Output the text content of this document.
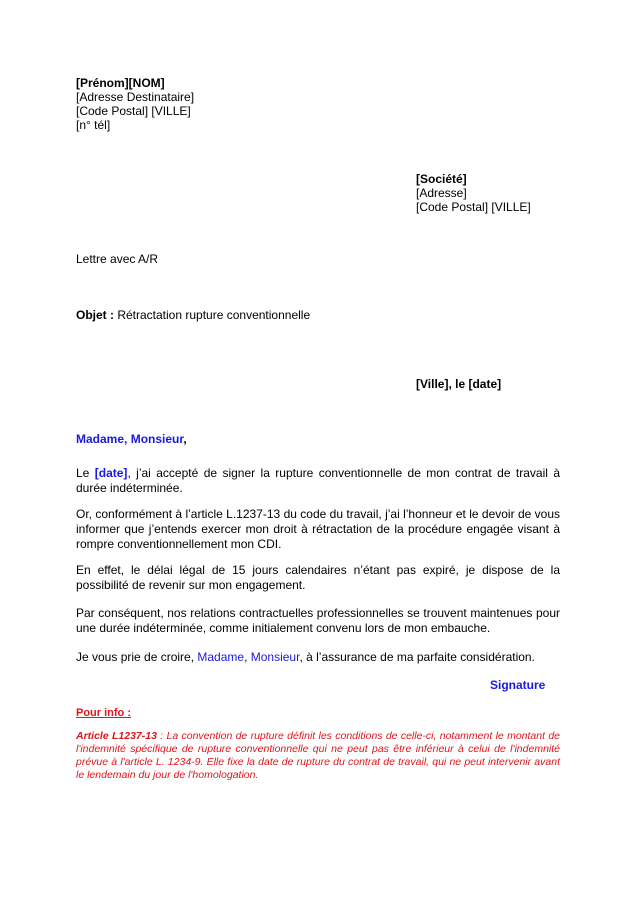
[Prénom][NOM]
[Adresse Destinataire]
[Code Postal] [VILLE]
[n° tél]
[Société]
[Adresse]
[Code Postal] [VILLE]
Lettre avec A/R
Objet : Rétractation rupture conventionnelle
[Ville], le [date]
Madame, Monsieur,
Le [date], j’ai accepté de signer la rupture conventionnelle de mon contrat de travail à durée indéterminée.
Or, conformément à l’article L.1237-13 du code du travail, j’ai l’honneur et le devoir de vous informer que j’entends exercer mon droit à rétractation de la procédure engagée visant à rompre conventionnellement mon CDI.
En effet, le délai légal de 15 jours calendaires n’étant pas expiré, je dispose de la possibilité de revenir sur mon engagement.
Par conséquent, nos relations contractuelles professionnelles se trouvent maintenues pour une durée indéterminée, comme initialement convenu lors de mon embauche.
Je vous prie de croire, Madame, Monsieur, à l’assurance de ma parfaite considération.
Signature
Pour info :
Article L1237-13 : La convention de rupture définit les conditions de celle-ci, notamment le montant de l'indemnité spécifique de rupture conventionnelle qui ne peut pas être inférieur à celui de l'indemnité prévue à l'article L. 1234-9. Elle fixe la date de rupture du contrat de travail, qui ne peut intervenir avant le lendemain du jour de l'homologation.
